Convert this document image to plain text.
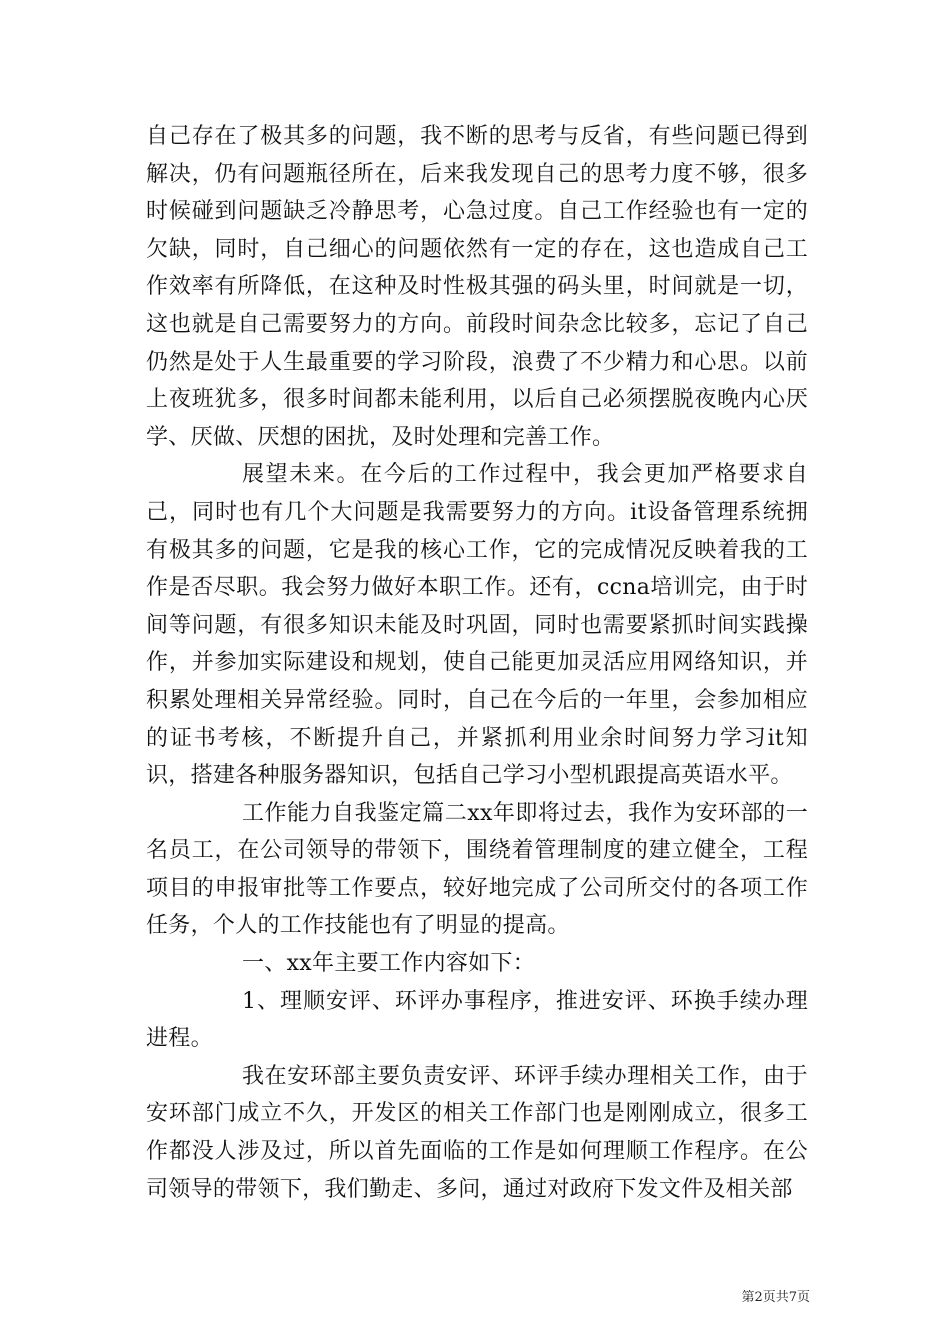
自己存在了极其多的问题，我不断的思考与反省，有些问题已得到解决，仍有问题瓶径所在，后来我发现自己的思考力度不够，很多时候碰到问题缺乏冷静思考，心急过度。自己工作经验也有一定的欠缺，同时，自己细心的问题依然有一定的存在，这也造成自己工作效率有所降低，在这种及时性极其强的码头里，时间就是一切，这也就是自己需要努力的方向。前段时间杂念比较多，忘记了自己仍然是处于人生最重要的学习阶段，浪费了不少精力和心思。以前上夜班犹多，很多时间都未能利用，以后自己必须摆脱夜晚内心厌学、厌做、厌想的困扰，及时处理和完善工作。

展望未来。在今后的工作过程中，我会更加严格要求自己，同时也有几个大问题是我需要努力的方向。it设备管理系统拥有极其多的问题，它是我的核心工作，它的完成情况反映着我的工作是否尽职。我会努力做好本职工作。还有，ccna培训完，由于时间等问题，有很多知识未能及时巩固，同时也需要紧抓时间实践操作，并参加实际建设和规划，使自己能更加灵活应用网络知识，并积累处理相关异常经验。同时，自己在今后的一年里，会参加相应的证书考核，不断提升自己，并紧抓利用业余时间努力学习it知识，搭建各种服务器知识，包括自己学习小型机跟提高英语水平。

工作能力自我鉴定篇二xx年即将过去，我作为安环部的一名员工，在公司领导的带领下，围绕着管理制度的建立健全，工程项目的申报审批等工作要点，较好地完成了公司所交付的各项工作任务，个人的工作技能也有了明显的提高。

一、xx年主要工作内容如下：

1、理顺安评、环评办事程序，推进安评、环换手续办理进程。

我在安环部主要负责安评、环评手续办理相关工作，由于安环部门成立不久，开发区的相关工作部门也是刚刚成立，很多工作都没人涉及过，所以首先面临的工作是如何理顺工作程序。在公司领导的带领下，我们勤走、多问，通过对政府下发文件及相关部

第2页共7页
